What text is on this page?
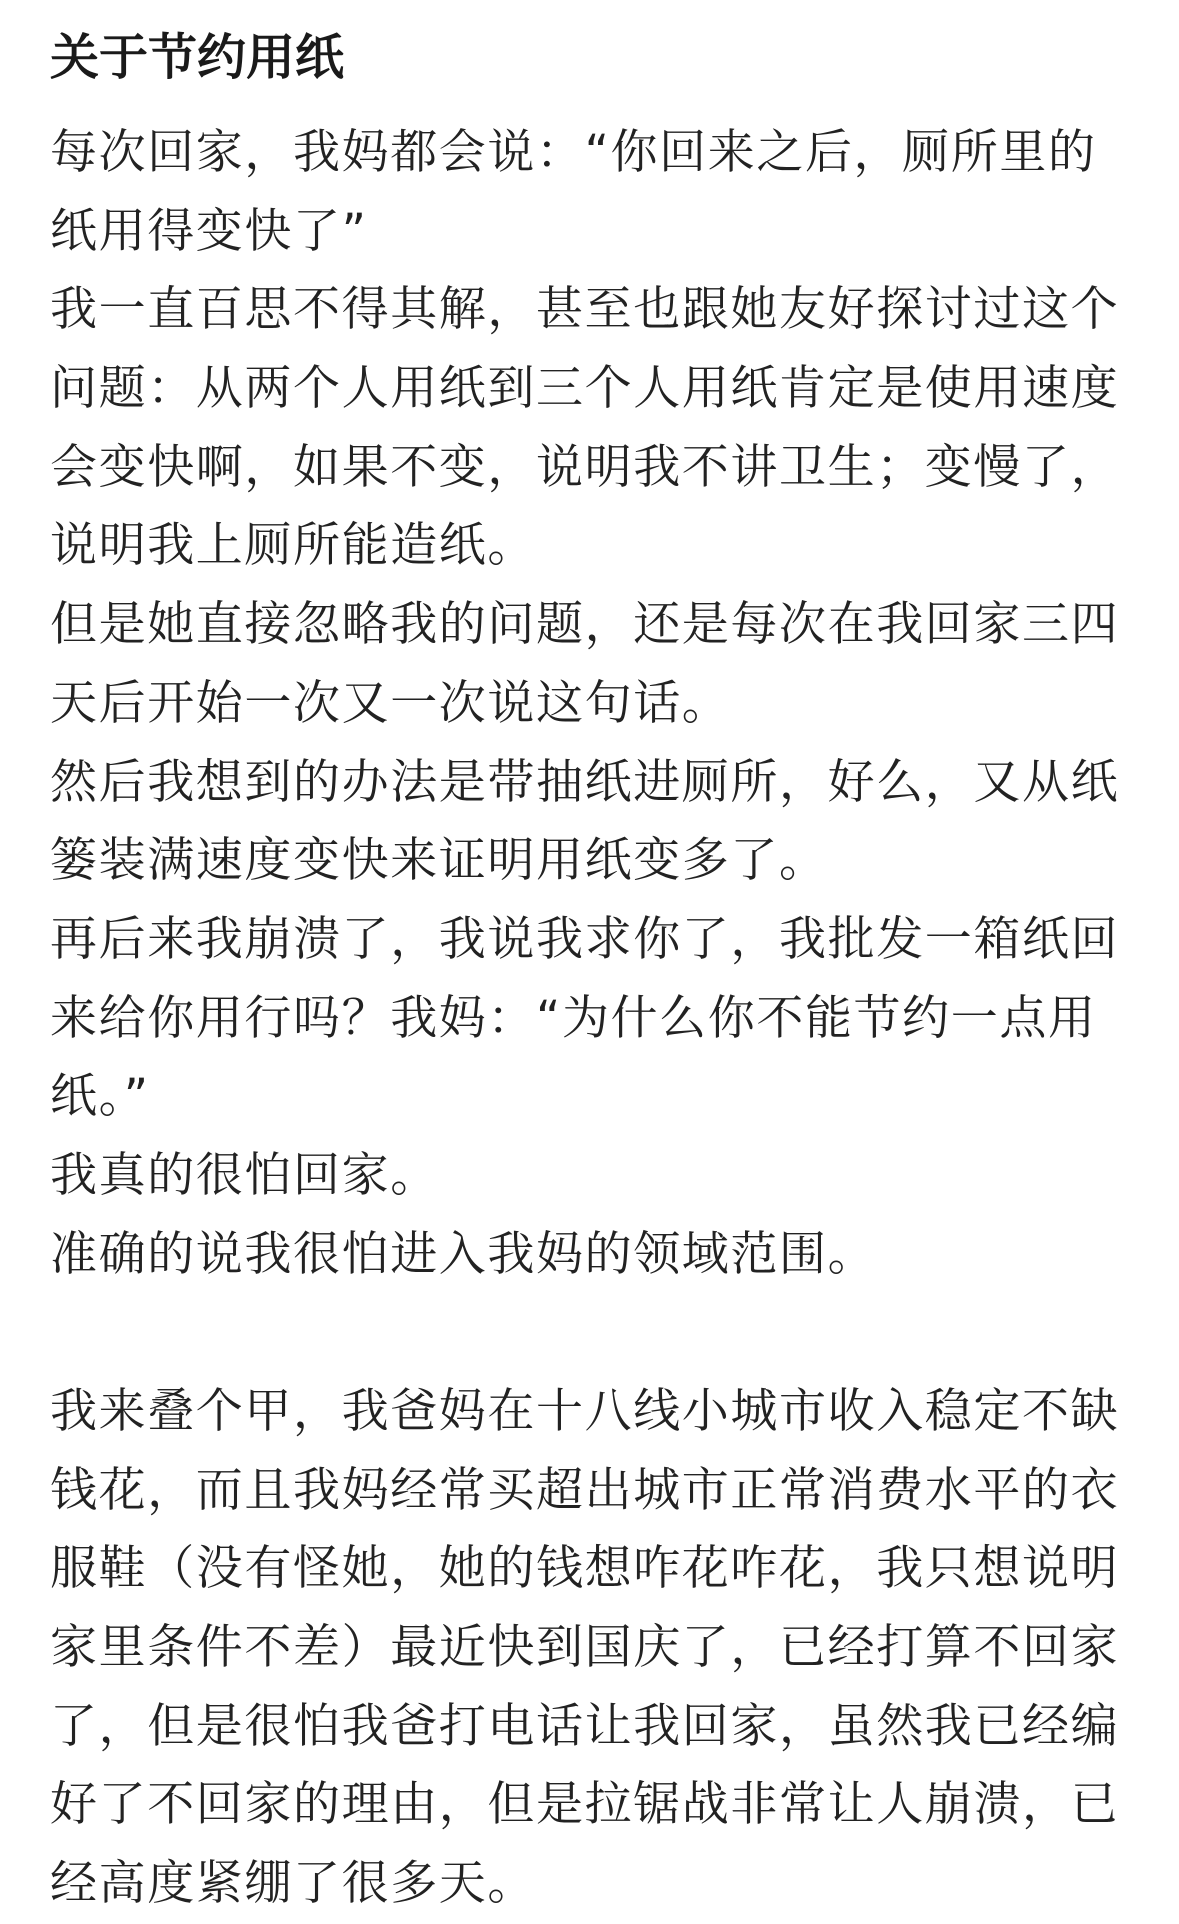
关于节约用纸
每次回家，我妈都会说：“你回来之后，厕所里的
纸用得变快了”
我一直百思不得其解，甚至也跟她友好探讨过这个
问题：从两个人用纸到三个人用纸肯定是使用速度
会变快啊，如果不变，说明我不讲卫生；变慢了，
说明我上厕所能造纸。
但是她直接忽略我的问题，还是每次在我回家三四
天后开始一次又一次说这句话。
然后我想到的办法是带抽纸进厕所，好么，又从纸
篓装满速度变快来证明用纸变多了。
再后来我崩溃了，我说我求你了，我批发一箱纸回
来给你用行吗？我妈：“为什么你不能节约一点用
纸。”
我真的很怕回家。
准确的说我很怕进入我妈的领域范围。
我来叠个甲，我爸妈在十八线小城市收入稳定不缺
钱花，而且我妈经常买超出城市正常消费水平的衣
服鞋（没有怪她，她的钱想咋花咋花，我只想说明
家里条件不差）最近快到国庆了，已经打算不回家
了，但是很怕我爸打电话让我回家，虽然我已经编
好了不回家的理由，但是拉锯战非常让人崩溃，已
经高度紧绷了很多天。
